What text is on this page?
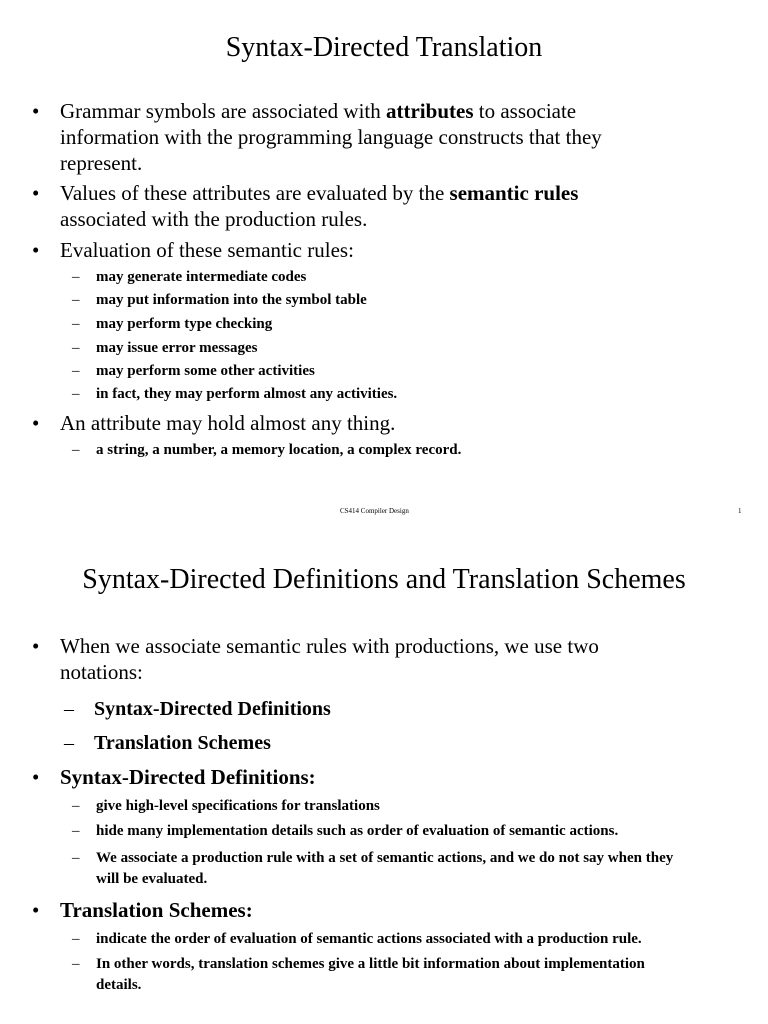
Syntax-Directed Translation
• Grammar symbols are associated with attributes to associate
information with the programming language constructs that they
represent.
• Values of these attributes are evaluated by the semantic rules
associated with the production rules.
• Evaluation of these semantic rules:
– may generate intermediate codes
– may put information into the symbol table
– may perform type checking
– may issue error messages
– may perform some other activities
– in fact, they may perform almost any activities.
• An attribute may hold almost any thing.
– a string, a number, a memory location, a complex record.
CS414 Compiler Design	1
Syntax-Directed Definitions and Translation Schemes
• When we associate semantic rules with productions, we use two
notations:
– Syntax-Directed Definitions
– Translation Schemes
• Syntax-Directed Definitions:
– give high-level specifications for translations
– hide many implementation details such as order of evaluation of semantic actions.
– We associate a production rule with a set of semantic actions, and we do not say when they
will be evaluated.
• Translation Schemes:
– indicate the order of evaluation of semantic actions associated with a production rule.
– In other words, translation schemes give a little bit information about implementation
details.
